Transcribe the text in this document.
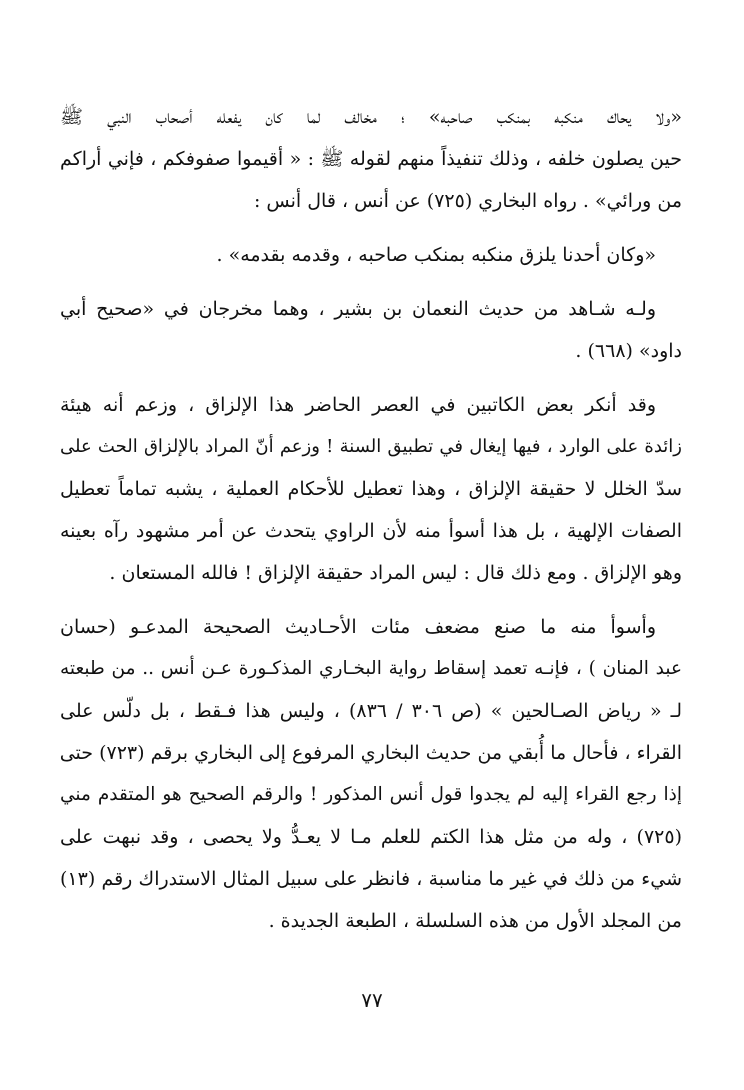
«ولا يحاك منكبه بمنكب صاحبه» ؛ مخالف لما كان يفعله أصحاب النبي ﷺ
حين يصلون خلفه ، وذلك تنفيذاً منهم لقوله ﷺ : « أقيموا صفوفكم ، فإني أراكم
من ورائي» . رواه البخاري (٧٢٥) عن أنس ، قال أنس :
«وكان أحدنا يلزق منكبه بمنكب صاحبه ، وقدمه بقدمه» .
ولـه شـاهد من حديث النعمان بن بشير ، وهما مخرجان في «صحيح أبي
داود» (٦٦٨) .
وقد أنكر بعض الكاتبين في العصر الحاضر هذا الإلزاق ، وزعم أنه هيئة
زائدة على الوارد ، فيها إيغال في تطبيق السنة ! وزعم أنّ المراد بالإلزاق الحث على
سدّ الخلل لا حقيقة الإلزاق ، وهذا تعطيل للأحكام العملية ، يشبه تماماً تعطيل
الصفات الإلهية ، بل هذا أسوأ منه لأن الراوي يتحدث عن أمر مشهود رآه بعينه
وهو الإلزاق . ومع ذلك قال : ليس المراد حقيقة الإلزاق ! فالله المستعان .
وأسوأ منه ما صنع مضعف مئات الأحـاديث الصحيحة المدعـو (حسان
عبد المنان ) ، فإنـه تعمد إسقاط رواية البخـاري المذكـورة عـن أنس .. من طبعته
لـ « رياض الصـالحين » (ص ٣٠٦ / ٨٣٦) ، وليس هذا فـقط ، بل دلّس على
القراء ، فأحال ما أُبقي من حديث البخاري المرفوع إلى البخاري برقم (٧٢٣) حتى
إذا رجع القراء إليه لم يجدوا قول أنس المذكور ! والرقم الصحيح هو المتقدم مني
(٧٢٥) ، وله من مثل هذا الكتم للعلم مـا لا يعـدُّ ولا يحصى ، وقد نبهت على
شيء من ذلك في غير ما مناسبة ، فانظر على سبيل المثال الاستدراك رقم (١٣)
من المجلد الأول من هذه السلسلة ، الطبعة الجديدة .
٧٧
